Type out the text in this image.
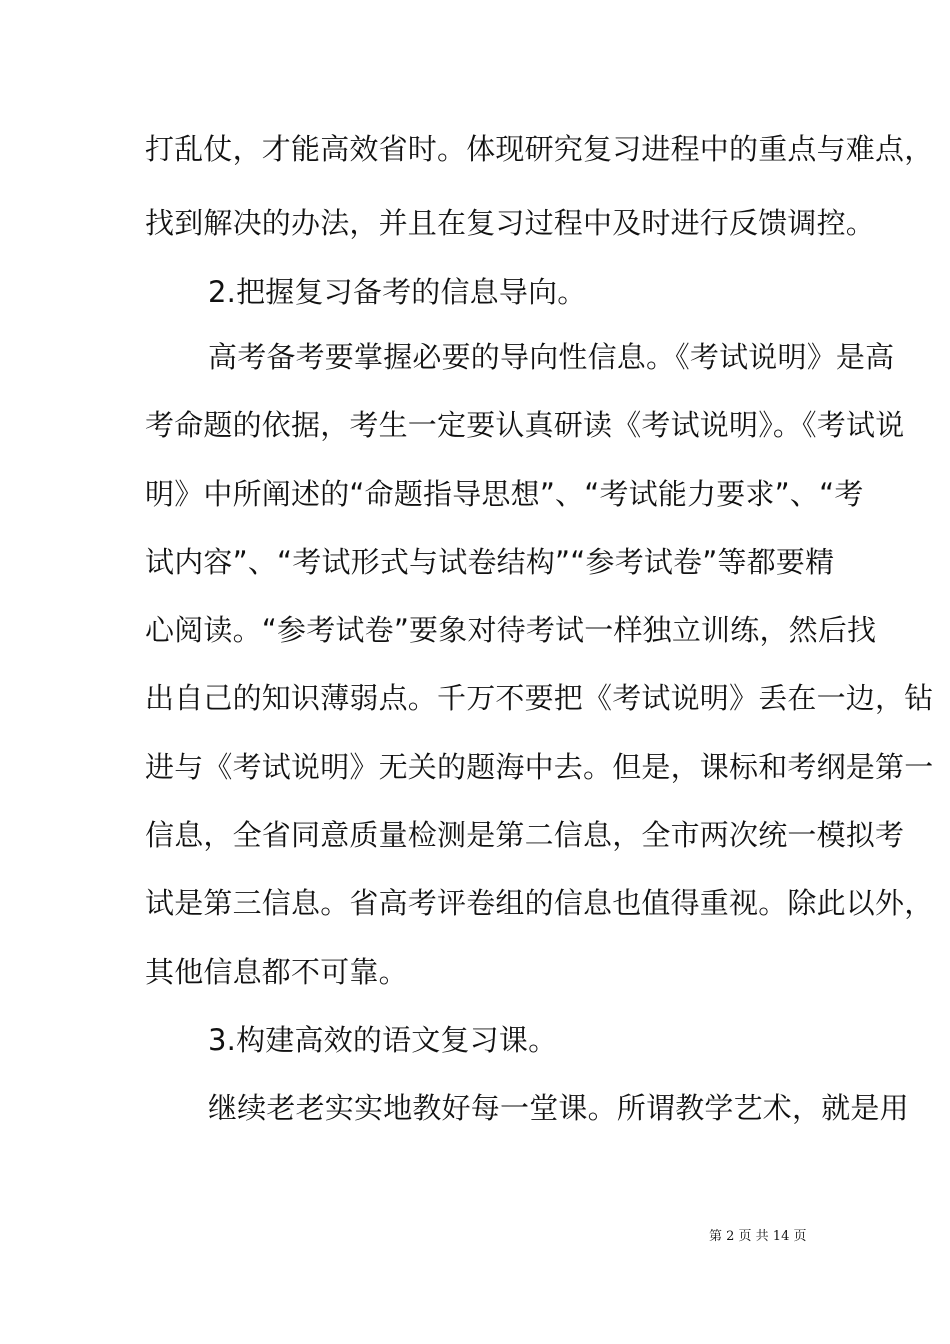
打乱仗，才能高效省时。体现研究复习进程中的重点与难点，
找到解决的办法，并且在复习过程中及时进行反馈调控。
2.把握复习备考的信息导向。
高考备考要掌握必要的导向性信息。《考试说明》是高
考命题的依据，考生一定要认真研读《考试说明》。《考试说
明》中所阐述的“命题指导思想”、“考试能力要求”、“考
试内容”、“考试形式与试卷结构”“参考试卷”等都要精
心阅读。“参考试卷”要象对待考试一样独立训练，然后找
出自己的知识薄弱点。千万不要把《考试说明》丢在一边，钻
进与《考试说明》无关的题海中去。但是，课标和考纲是第一
信息，全省同意质量检测是第二信息，全市两次统一模拟考
试是第三信息。省高考评卷组的信息也值得重视。除此以外，
其他信息都不可靠。
3.构建高效的语文复习课。
继续老老实实地教好每一堂课。所谓教学艺术，就是用
第 2 页 共 14 页
